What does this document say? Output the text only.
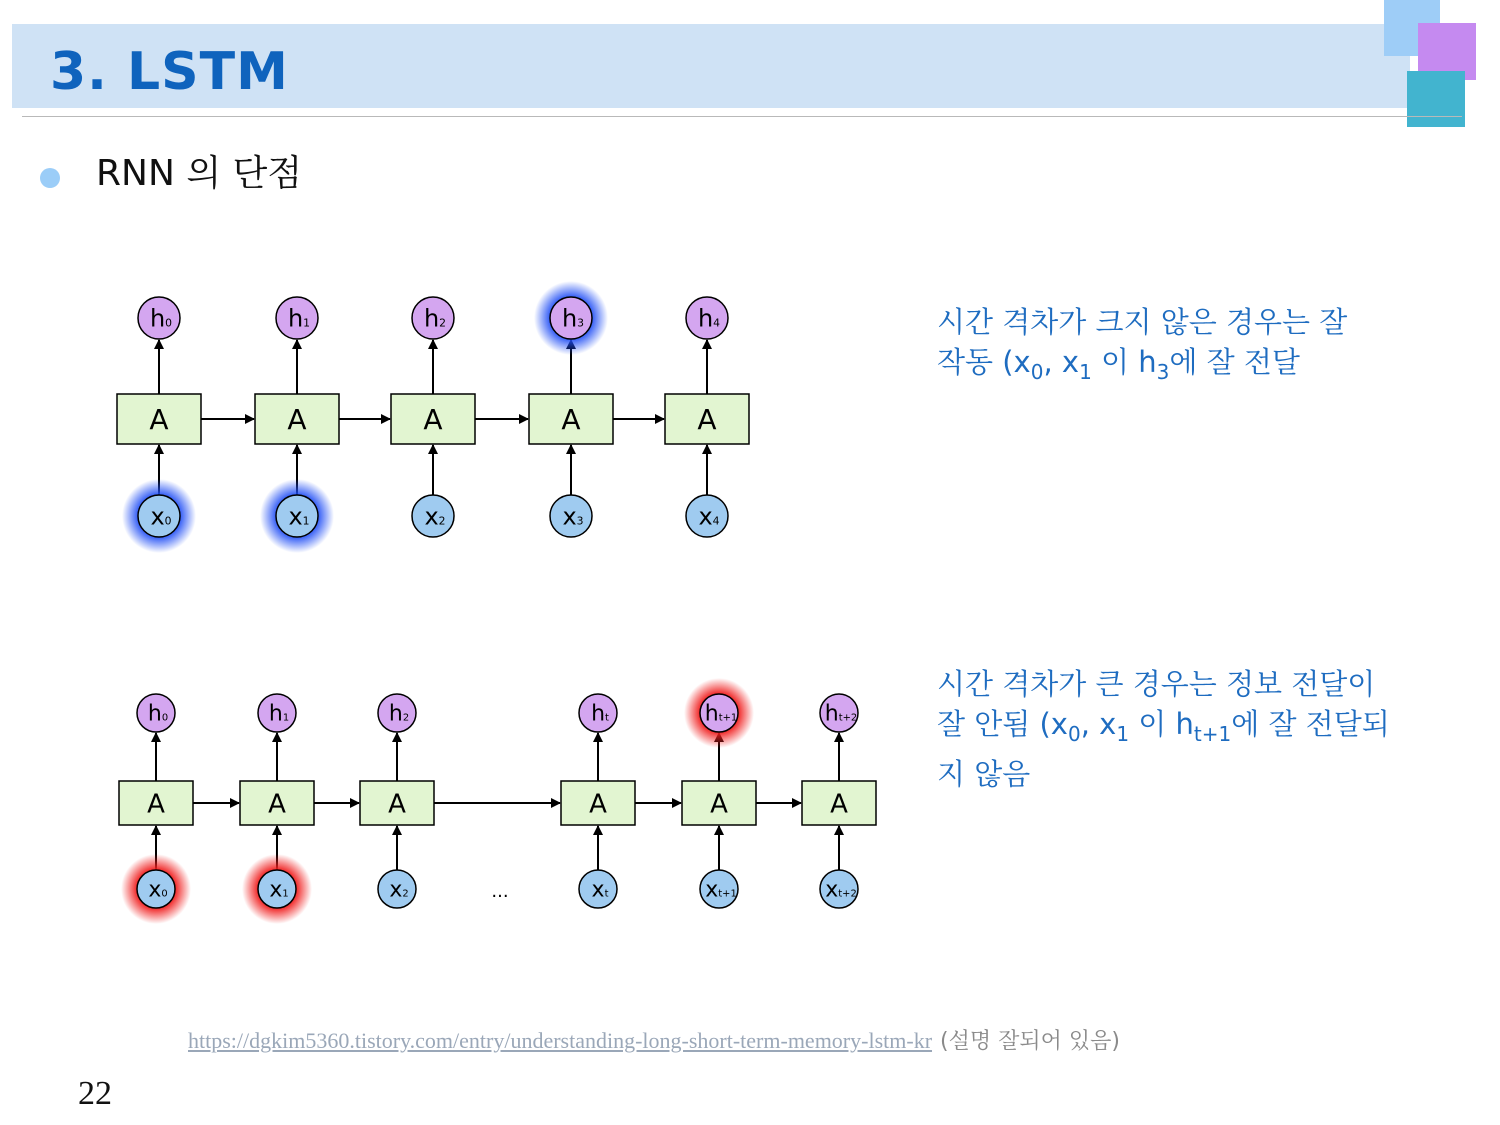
3. LSTM
RNN 의 단점
A
h0
x0
A
h1
x1
A
h2
x2
A
h3
x3
A
h4
x4
A
h0
x0
A
h1
x1
A
h2
x2
A
ht
xt
A
ht+1
xt+1
A
ht+2
xt+2
...
시간 격차가 크지 않은 경우는 잘
작동 ($x_0$, $x_1$ 이 $h_3$에 잘 전달
시간 격차가 큰 경우는 정보 전달이
잘 안됨 ($x_0$, $x_1$ 이 $h_{t+1}$에 잘 전달되
지 않음
https://dgkim5360.tistory.com/entry/understanding-long-short-term-memory-lstm-kr (설명 잘되어 있음)
22
